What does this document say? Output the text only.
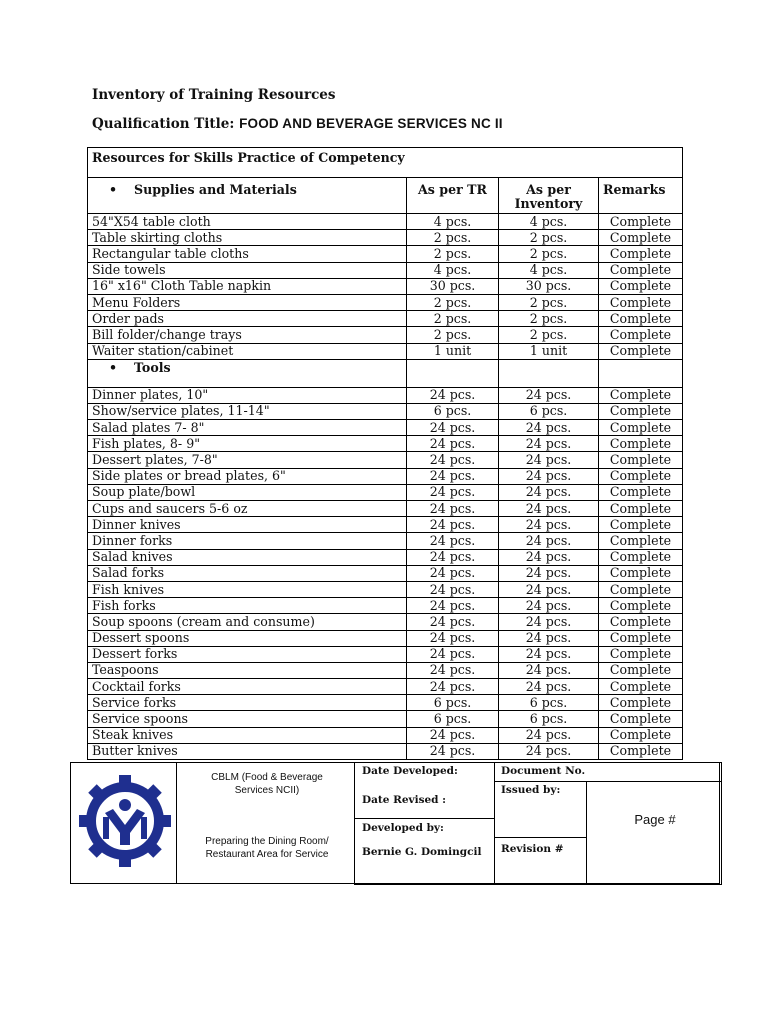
Inventory of Training Resources
Qualification Title: FOOD AND BEVERAGE SERVICES NC II
Resources for Skills Practice of Competency			
• Supplies and Materials	As per TR	As per Inventory	Remarks
54"X54 table cloth	4 pcs.	4 pcs.	Complete
Table skirting cloths	2 pcs.	2 pcs.	Complete
Rectangular table cloths	2 pcs.	2 pcs.	Complete
Side towels	4 pcs.	4 pcs.	Complete
16" x16" Cloth Table napkin	30 pcs.	30 pcs.	Complete
Menu Folders	2 pcs.	2 pcs.	Complete
Order pads	2 pcs.	2 pcs.	Complete
Bill folder/change trays	2 pcs.	2 pcs.	Complete
Waiter station/cabinet	1 unit	1 unit	Complete
• Tools			
Dinner plates, 10"	24 pcs.	24 pcs.	Complete
Show/service plates, 11-14"	6 pcs.	6 pcs.	Complete
Salad plates 7- 8"	24 pcs.	24 pcs.	Complete
Fish plates, 8- 9"	24 pcs.	24 pcs.	Complete
Dessert plates, 7-8"	24 pcs.	24 pcs.	Complete
Side plates or bread plates, 6"	24 pcs.	24 pcs.	Complete
Soup plate/bowl	24 pcs.	24 pcs.	Complete
Cups and saucers 5-6 oz	24 pcs.	24 pcs.	Complete
Dinner knives	24 pcs.	24 pcs.	Complete
Dinner forks	24 pcs.	24 pcs.	Complete
Salad knives	24 pcs.	24 pcs.	Complete
Salad forks	24 pcs.	24 pcs.	Complete
Fish knives	24 pcs.	24 pcs.	Complete
Fish forks	24 pcs.	24 pcs.	Complete
Soup spoons (cream and consume)	24 pcs.	24 pcs.	Complete
Dessert spoons	24 pcs.	24 pcs.	Complete
Dessert forks	24 pcs.	24 pcs.	Complete
Teaspoons	24 pcs.	24 pcs.	Complete
Cocktail forks	24 pcs.	24 pcs.	Complete
Service forks	6 pcs.	6 pcs.	Complete
Service spoons	6 pcs.	6 pcs.	Complete
Steak knives	24 pcs.	24 pcs.	Complete
Butter knives	24 pcs.	24 pcs.	Complete
CBLM (Food & Beverage Services NCII)
Preparing the Dining Room/ Restaurant Area for Service
Date Developed:
Date Revised :
Developed by:
Bernie G. Domingcil
Document No.
Issued by:
Revision #
Page #
